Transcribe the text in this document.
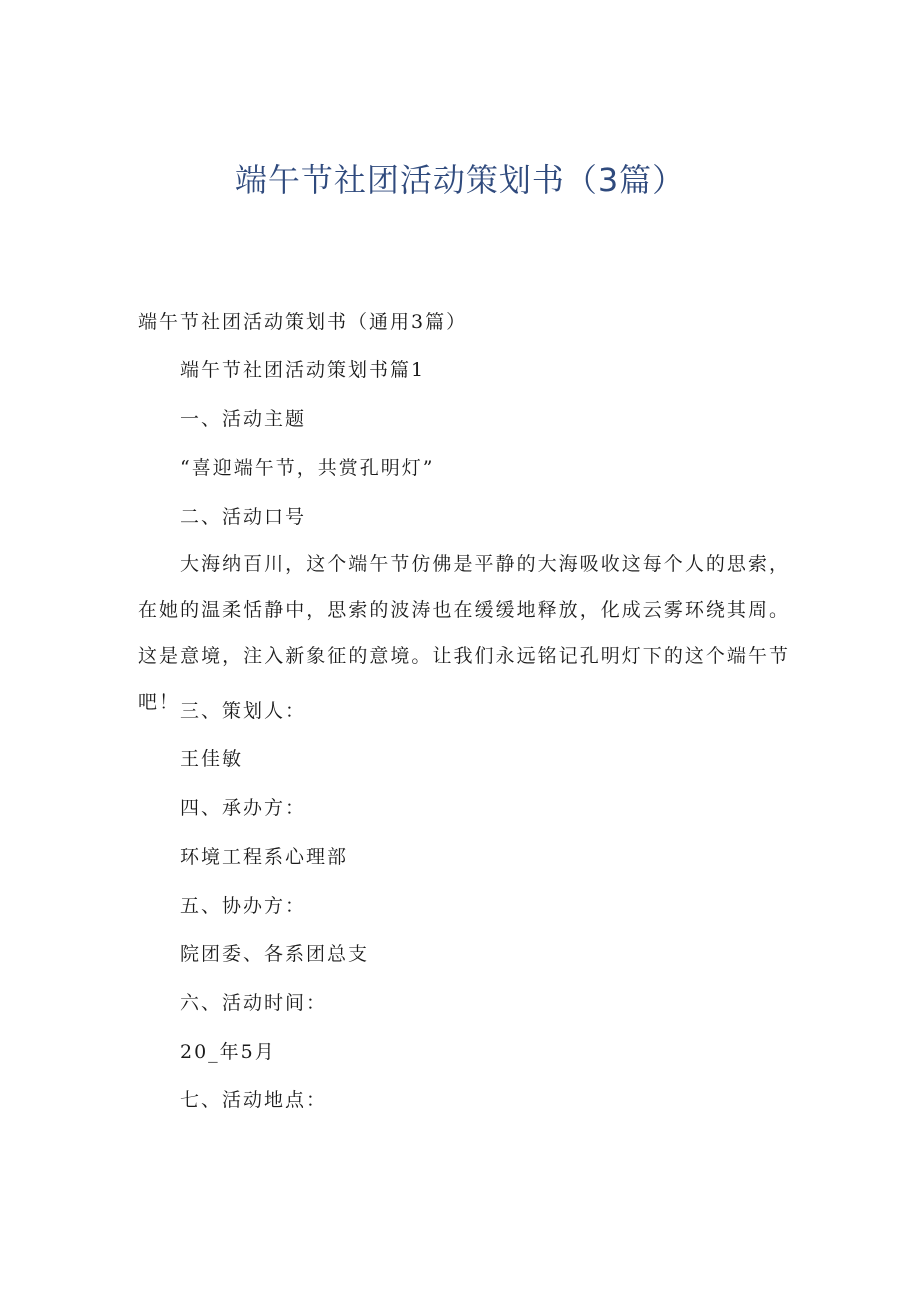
端午节社团活动策划书（3篇）

端午节社团活动策划书（通用3篇）

端午节社团活动策划书篇1

一、活动主题

“喜迎端午节，共赏孔明灯”

二、活动口号

大海纳百川，这个端午节仿佛是平静的大海吸收这每个人的思索，在她的温柔恬静中，思索的波涛也在缓缓地释放，化成云雾环绕其周。这是意境，注入新象征的意境。让我们永远铭记孔明灯下的这个端午节吧！ 三、策划人：

王佳敏

四、承办方：

环境工程系心理部

五、协办方：

院团委、各系团总支

六、活动时间：

20_年5月

七、活动地点：
